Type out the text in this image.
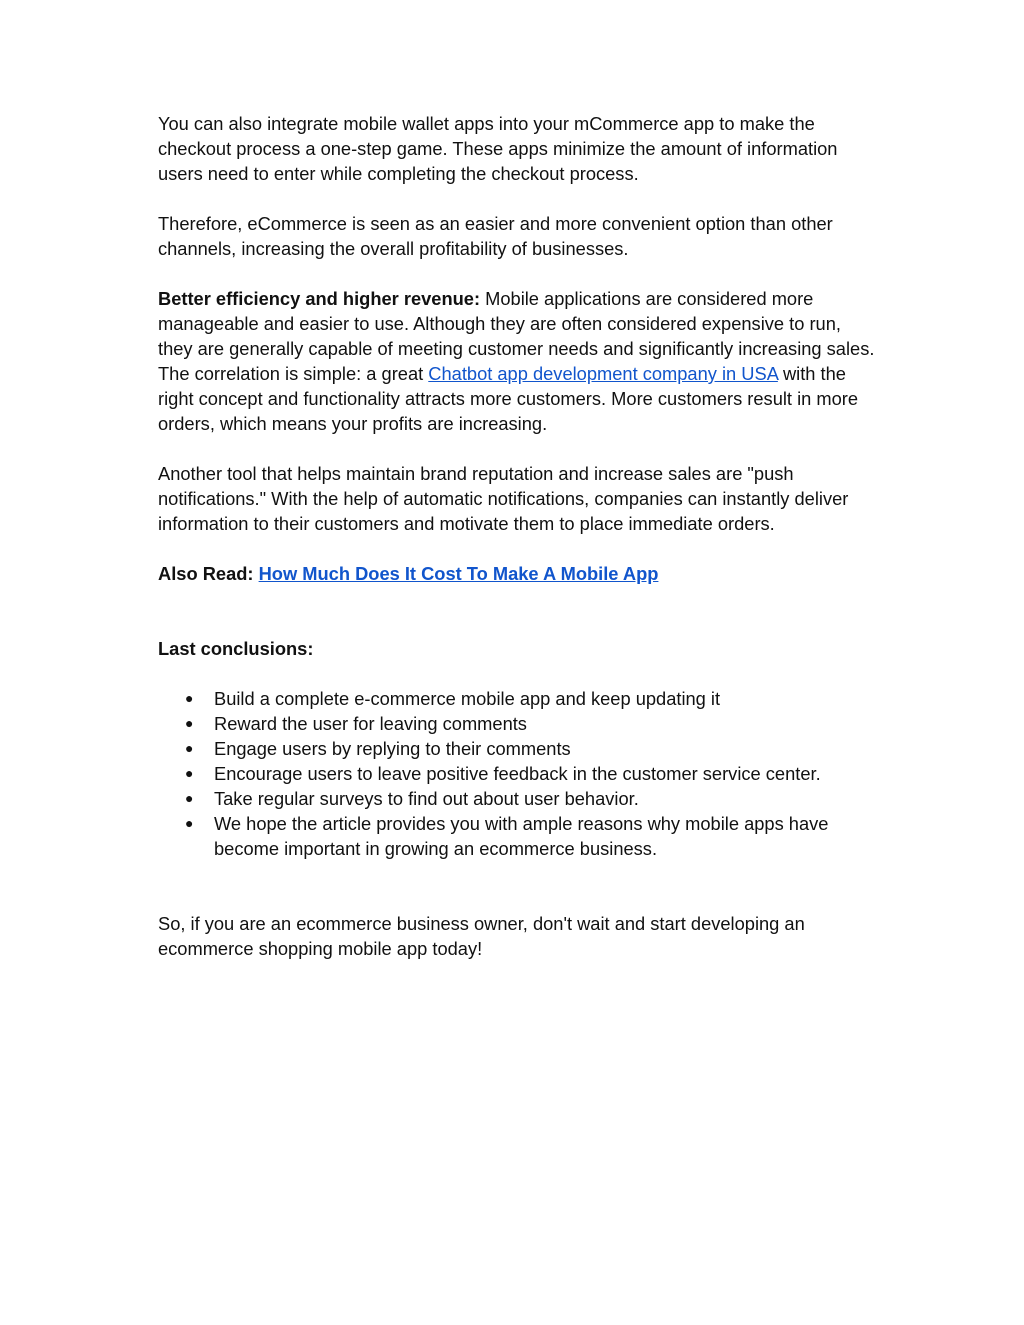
You can also integrate mobile wallet apps into your mCommerce app to make the checkout process a one-step game. These apps minimize the amount of information users need to enter while completing the checkout process.

Therefore, eCommerce is seen as an easier and more convenient option than other channels, increasing the overall profitability of businesses.

Better efficiency and higher revenue: Mobile applications are considered more manageable and easier to use. Although they are often considered expensive to run, they are generally capable of meeting customer needs and significantly increasing sales. The correlation is simple: a great Chatbot app development company in USA with the right concept and functionality attracts more customers. More customers result in more orders, which means your profits are increasing.

Another tool that helps maintain brand reputation and increase sales are "push notifications." With the help of automatic notifications, companies can instantly deliver information to their customers and motivate them to place immediate orders.

Also Read: How Much Does It Cost To Make A Mobile App

Last conclusions:

● Build a complete e-commerce mobile app and keep updating it
● Reward the user for leaving comments
● Engage users by replying to their comments
● Encourage users to leave positive feedback in the customer service center.
● Take regular surveys to find out about user behavior.
● We hope the article provides you with ample reasons why mobile apps have become important in growing an ecommerce business.

So, if you are an ecommerce business owner, don't wait and start developing an ecommerce shopping mobile app today!
